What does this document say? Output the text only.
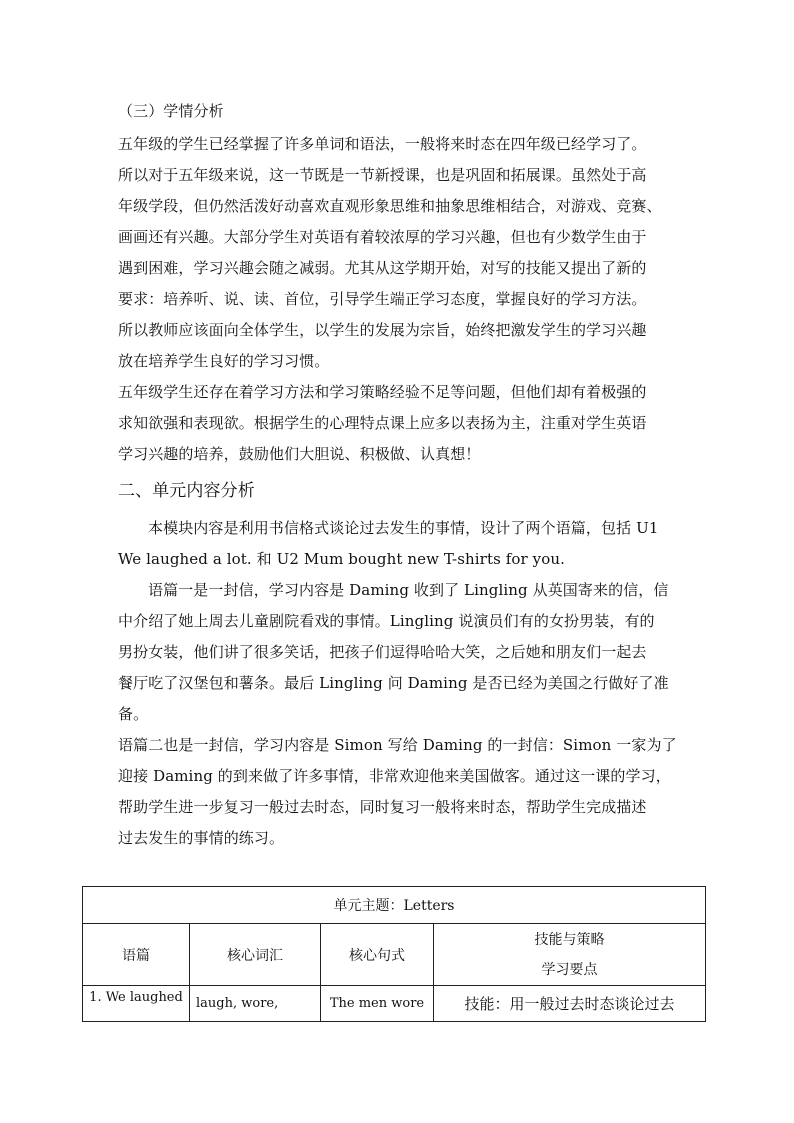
（三）学情分析
五年级的学生已经掌握了许多单词和语法，一般将来时态在四年级已经学习了。
所以对于五年级来说，这一节既是一节新授课，也是巩固和拓展课。虽然处于高
年级学段，但仍然活泼好动喜欢直观形象思维和抽象思维相结合，对游戏、竞赛、
画画还有兴趣。大部分学生对英语有着较浓厚的学习兴趣，但也有少数学生由于
遇到困难，学习兴趣会随之减弱。尤其从这学期开始，对写的技能又提出了新的
要求：培养听、说、读、首位，引导学生端正学习态度，掌握良好的学习方法。
所以教师应该面向全体学生，以学生的发展为宗旨，始终把激发学生的学习兴趣
放在培养学生良好的学习习惯。
五年级学生还存在着学习方法和学习策略经验不足等问题，但他们却有着极强的
求知欲强和表现欲。根据学生的心理特点课上应多以表扬为主，注重对学生英语
学习兴趣的培养，鼓励他们大胆说、积极做、认真想！
二、单元内容分析
本模块内容是利用书信格式谈论过去发生的事情，设计了两个语篇，包括 U1
We laughed a lot. 和 U2 Mum bought new T-shirts for you.
语篇一是一封信，学习内容是 Daming 收到了 Lingling 从英国寄来的信，信
中介绍了她上周去儿童剧院看戏的事情。Lingling 说演员们有的女扮男装，有的
男扮女装，他们讲了很多笑话，把孩子们逗得哈哈大笑，之后她和朋友们一起去
餐厅吃了汉堡包和薯条。最后 Lingling 问 Daming 是否已经为美国之行做好了准
备。
语篇二也是一封信，学习内容是 Simon 写给 Daming 的一封信：Simon 一家为了
迎接 Daming 的到来做了许多事情，非常欢迎他来美国做客。通过这一课的学习，
帮助学生进一步复习一般过去时态，同时复习一般将来时态，帮助学生完成描述
过去发生的事情的练习。
单元主题：Letters			
语篇	核心词汇	核心句式	技能与策略
学习要点

1. We laughed	laugh, wore,	The men wore	技能：用一般过去时态谈论过去
